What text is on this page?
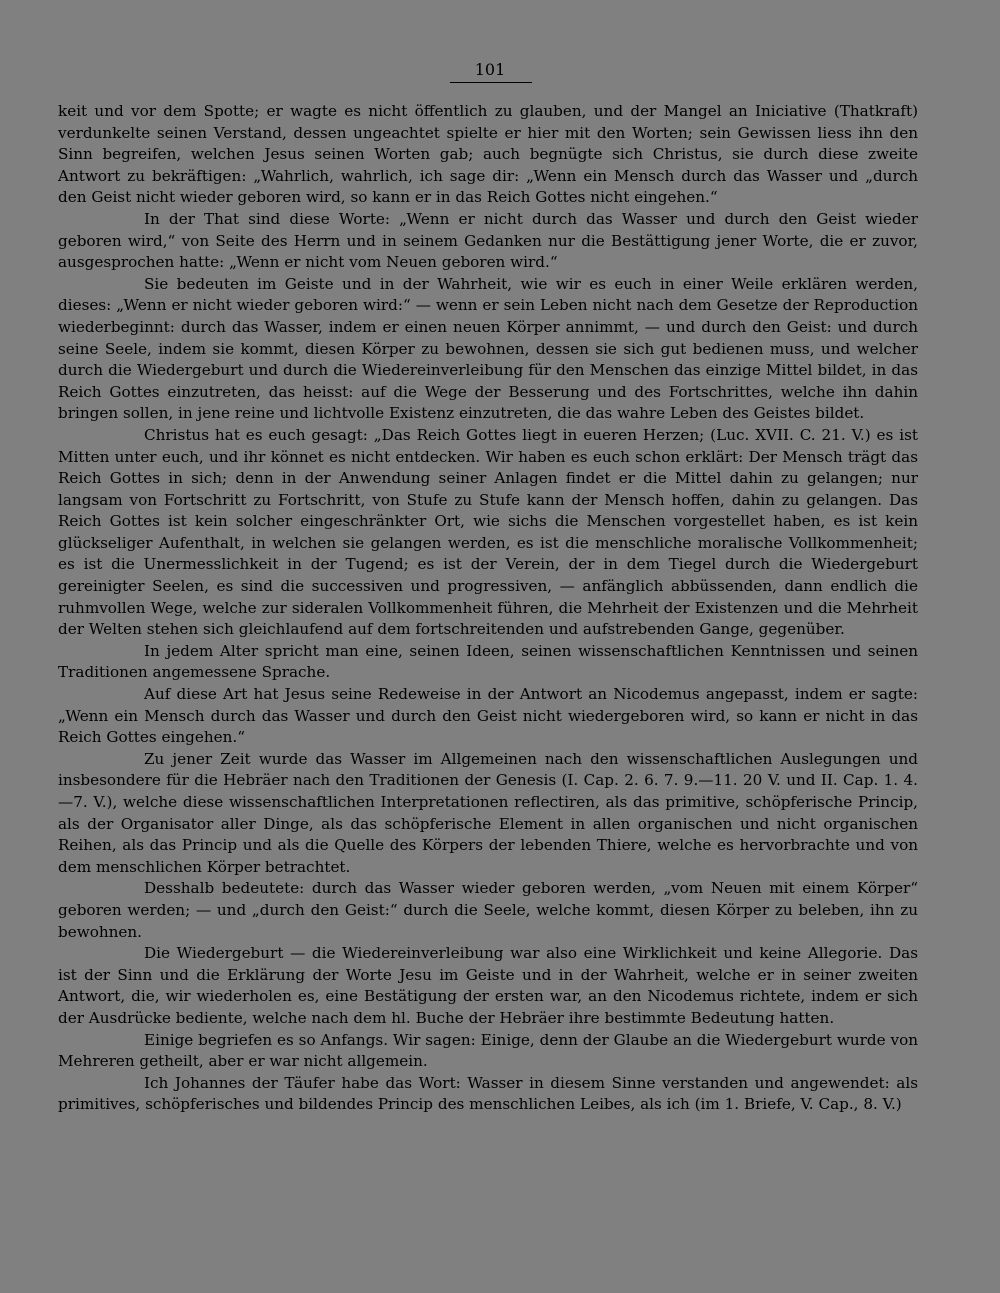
101

keit und vor dem Spotte; er wagte es nicht öffentlich zu glauben, und der Mangel an Iniciative (Thatkraft) verdunkelte seinen Verstand, dessen ungeachtet spielte er hier mit den Worten; sein Gewissen liess ihn den Sinn begreifen, welchen Jesus seinen Worten gab; auch begnügte sich Christus, sie durch diese zweite Antwort zu bekräftigen: „Wahrlich, wahrlich, ich sage dir: „Wenn ein Mensch durch das Wasser und „durch den Geist nicht wieder geboren wird, so kann er in das Reich Gottes nicht eingehen.“

In der That sind diese Worte: „Wenn er nicht durch das Wasser und durch den Geist wieder geboren wird,“ von Seite des Herrn und in seinem Gedanken nur die Bestättigung jener Worte, die er zuvor, ausgesprochen hatte: „Wenn er nicht vom Neuen geboren wird.“

Sie bedeuten im Geiste und in der Wahrheit, wie wir es euch in einer Weile erklären werden, dieses: „Wenn er nicht wieder geboren wird:“ — wenn er sein Leben nicht nach dem Gesetze der Reproduction wiederbeginnt: durch das Wasser, indem er einen neuen Körper annimmt, — und durch den Geist: und durch seine Seele, indem sie kommt, diesen Körper zu bewohnen, dessen sie sich gut bedienen muss, und welcher durch die Wiedergeburt und durch die Wiedereinverleibung für den Menschen das einzige Mittel bildet, in das Reich Gottes einzutreten, das heisst: auf die Wege der Besserung und des Fortschrittes, welche ihn dahin bringen sollen, in jene reine und lichtvolle Existenz einzutreten, die das wahre Leben des Geistes bildet.

Christus hat es euch gesagt: „Das Reich Gottes liegt in eueren Herzen; (Luc. XVII. C. 21. V.) es ist Mitten unter euch, und ihr könnet es nicht entdecken. Wir haben es euch schon erklärt: Der Mensch trägt das Reich Gottes in sich; denn in der Anwendung seiner Anlagen findet er die Mittel dahin zu gelangen; nur langsam von Fortschritt zu Fortschritt, von Stufe zu Stufe kann der Mensch hoffen, dahin zu gelangen. Das Reich Gottes ist kein solcher eingeschränkter Ort, wie sichs die Menschen vorgestellet haben, es ist kein glückseliger Aufenthalt, in welchen sie gelangen werden, es ist die menschliche moralische Vollkommenheit; es ist die Unermesslichkeit in der Tugend; es ist der Verein, der in dem Tiegel durch die Wiedergeburt gereinigter Seelen, es sind die successiven und progressiven, — anfänglich abbüssenden, dann endlich die ruhmvollen Wege, welche zur sideralen Vollkommenheit führen, die Mehrheit der Existenzen und die Mehrheit der Welten stehen sich gleichlaufend auf dem fortschreitenden und aufstrebenden Gange, gegenüber.

In jedem Alter spricht man eine, seinen Ideen, seinen wissenschaftlichen Kenntnissen und seinen Traditionen angemessene Sprache.

Auf diese Art hat Jesus seine Redeweise in der Antwort an Nicodemus angepasst, indem er sagte: „Wenn ein Mensch durch das Wasser und durch den Geist nicht wiedergeboren wird, so kann er nicht in das Reich Gottes eingehen.“

Zu jener Zeit wurde das Wasser im Allgemeinen nach den wissenschaftlichen Auslegungen und insbesondere für die Hebräer nach den Traditionen der Genesis (I. Cap. 2. 6. 7. 9.—11. 20 V. und II. Cap. 1. 4.—7. V.), welche diese wissenschaftlichen Interpretationen reflectiren, als das primitive, schöpferische Princip, als der Organisator aller Dinge, als das schöpferische Element in allen organischen und nicht organischen Reihen, als das Princip und als die Quelle des Körpers der lebenden Thiere, welche es hervorbrachte und von dem menschlichen Körper betrachtet.

Desshalb bedeutete: durch das Wasser wieder geboren werden, „vom Neuen mit einem Körper“ geboren werden; — und „durch den Geist:“ durch die Seele, welche kommt, diesen Körper zu beleben, ihn zu bewohnen.

Die Wiedergeburt — die Wiedereinverleibung war also eine Wirklichkeit und keine Allegorie. Das ist der Sinn und die Erklärung der Worte Jesu im Geiste und in der Wahrheit, welche er in seiner zweiten Antwort, die, wir wiederholen es, eine Bestätigung der ersten war, an den Nicodemus richtete, indem er sich der Ausdrücke bediente, welche nach dem hl. Buche der Hebräer ihre bestimmte Bedeutung hatten.

Einige begriefen es so Anfangs. Wir sagen: Einige, denn der Glaube an die Wiedergeburt wurde von Mehreren getheilt, aber er war nicht allgemein.

Ich Johannes der Täufer habe das Wort: Wasser in diesem Sinne verstanden und angewendet: als primitives, schöpferisches und bildendes Princip des menschlichen Leibes, als ich (im 1. Briefe, V. Cap., 8. V.)
